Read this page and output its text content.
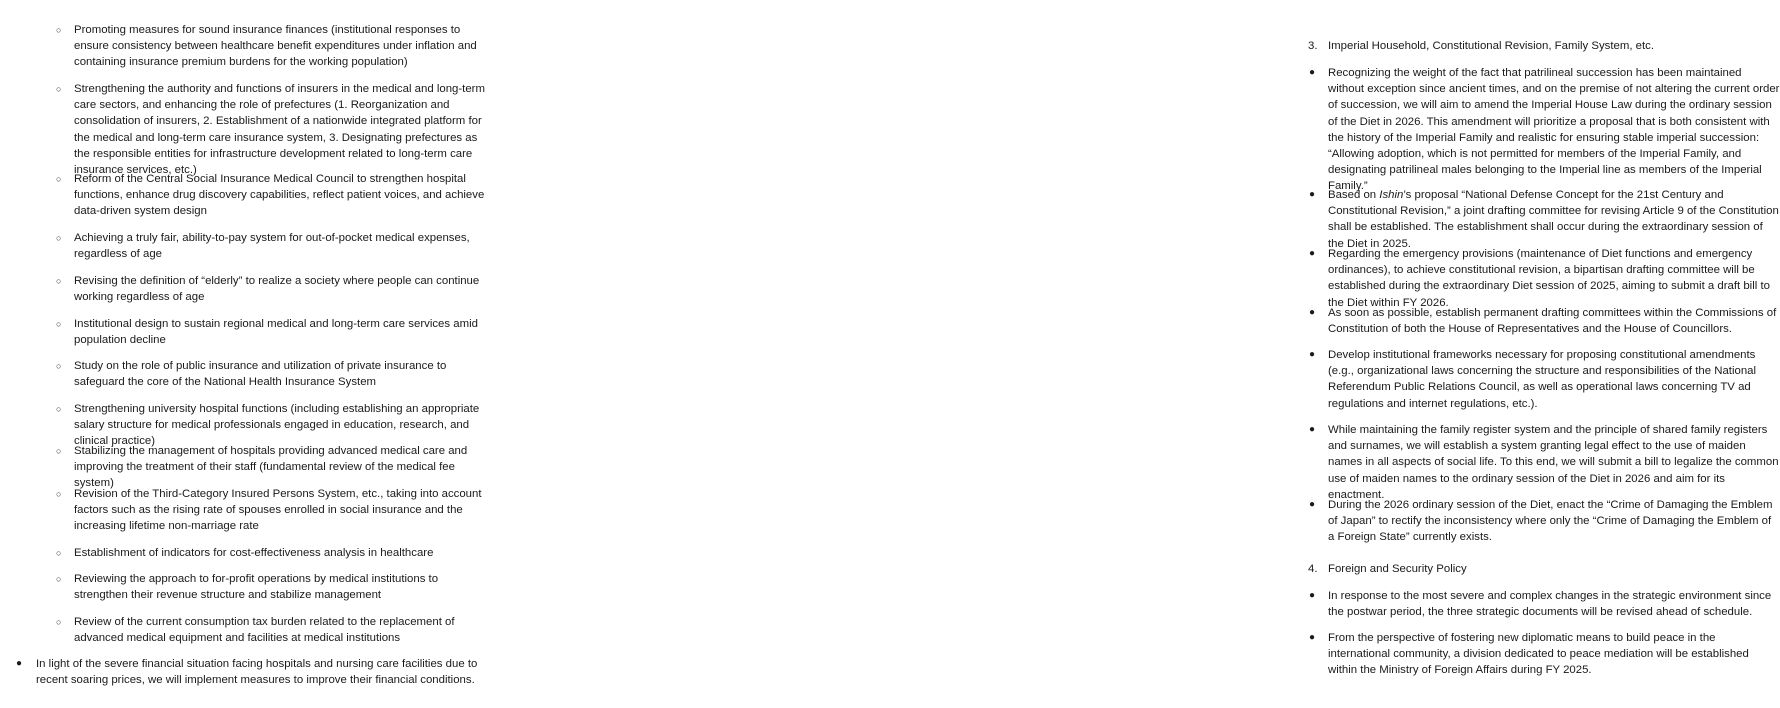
○ Promoting measures for sound insurance finances (institutional responses to ensure consistency between healthcare benefit expenditures under inflation and containing insurance premium burdens for the working population)
○ Strengthening the authority and functions of insurers in the medical and long-term care sectors, and enhancing the role of prefectures (1. Reorganization and consolidation of insurers, 2. Establishment of a nationwide integrated platform for the medical and long-term care insurance system, 3. Designating prefectures as the responsible entities for infrastructure development related to long-term care insurance services, etc.)
○ Reform of the Central Social Insurance Medical Council to strengthen hospital functions, enhance drug discovery capabilities, reflect patient voices, and achieve data-driven system design
○ Achieving a truly fair, ability-to-pay system for out-of-pocket medical expenses, regardless of age
○ Revising the definition of “elderly” to realize a society where people can continue working regardless of age
○ Institutional design to sustain regional medical and long-term care services amid population decline
○ Study on the role of public insurance and utilization of private insurance to safeguard the core of the National Health Insurance System
○ Strengthening university hospital functions (including establishing an appropriate salary structure for medical professionals engaged in education, research, and clinical practice)
○ Stabilizing the management of hospitals providing advanced medical care and improving the treatment of their staff (fundamental review of the medical fee system)
○ Revision of the Third-Category Insured Persons System, etc., taking into account factors such as the rising rate of spouses enrolled in social insurance and the increasing lifetime non-marriage rate
○ Establishment of indicators for cost-effectiveness analysis in healthcare
○ Reviewing the approach to for-profit operations by medical institutions to strengthen their revenue structure and stabilize management
○ Review of the current consumption tax burden related to the replacement of advanced medical equipment and facilities at medical institutions
● In light of the severe financial situation facing hospitals and nursing care facilities due to recent soaring prices, we will implement measures to improve their financial conditions.
3. Imperial Household, Constitutional Revision, Family System, etc.
● Recognizing the weight of the fact that patrilineal succession has been maintained without exception since ancient times, and on the premise of not altering the current order of succession, we will aim to amend the Imperial House Law during the ordinary session of the Diet in 2026. This amendment will prioritize a proposal that is both consistent with the history of the Imperial Family and realistic for ensuring stable imperial succession: “Allowing adoption, which is not permitted for members of the Imperial Family, and designating patrilineal males belonging to the Imperial line as members of the Imperial Family.”
● Based on Ishin’s proposal “National Defense Concept for the 21st Century and Constitutional Revision,” a joint drafting committee for revising Article 9 of the Constitution shall be established. The establishment shall occur during the extraordinary session of the Diet in 2025.
● Regarding the emergency provisions (maintenance of Diet functions and emergency ordinances), to achieve constitutional revision, a bipartisan drafting committee will be established during the extraordinary Diet session of 2025, aiming to submit a draft bill to the Diet within FY 2026.
● As soon as possible, establish permanent drafting committees within the Commissions of Constitution of both the House of Representatives and the House of Councillors.
● Develop institutional frameworks necessary for proposing constitutional amendments (e.g., organizational laws concerning the structure and responsibilities of the National Referendum Public Relations Council, as well as operational laws concerning TV ad regulations and internet regulations, etc.).
● While maintaining the family register system and the principle of shared family registers and surnames, we will establish a system granting legal effect to the use of maiden names in all aspects of social life. To this end, we will submit a bill to legalize the common use of maiden names to the ordinary session of the Diet in 2026 and aim for its enactment.
● During the 2026 ordinary session of the Diet, enact the “Crime of Damaging the Emblem of Japan” to rectify the inconsistency where only the “Crime of Damaging the Emblem of a Foreign State” currently exists.
4. Foreign and Security Policy
● In response to the most severe and complex changes in the strategic environment since the postwar period, the three strategic documents will be revised ahead of schedule.
● From the perspective of fostering new diplomatic means to build peace in the international community, a division dedicated to peace mediation will be established within the Ministry of Foreign Affairs during FY 2025.
